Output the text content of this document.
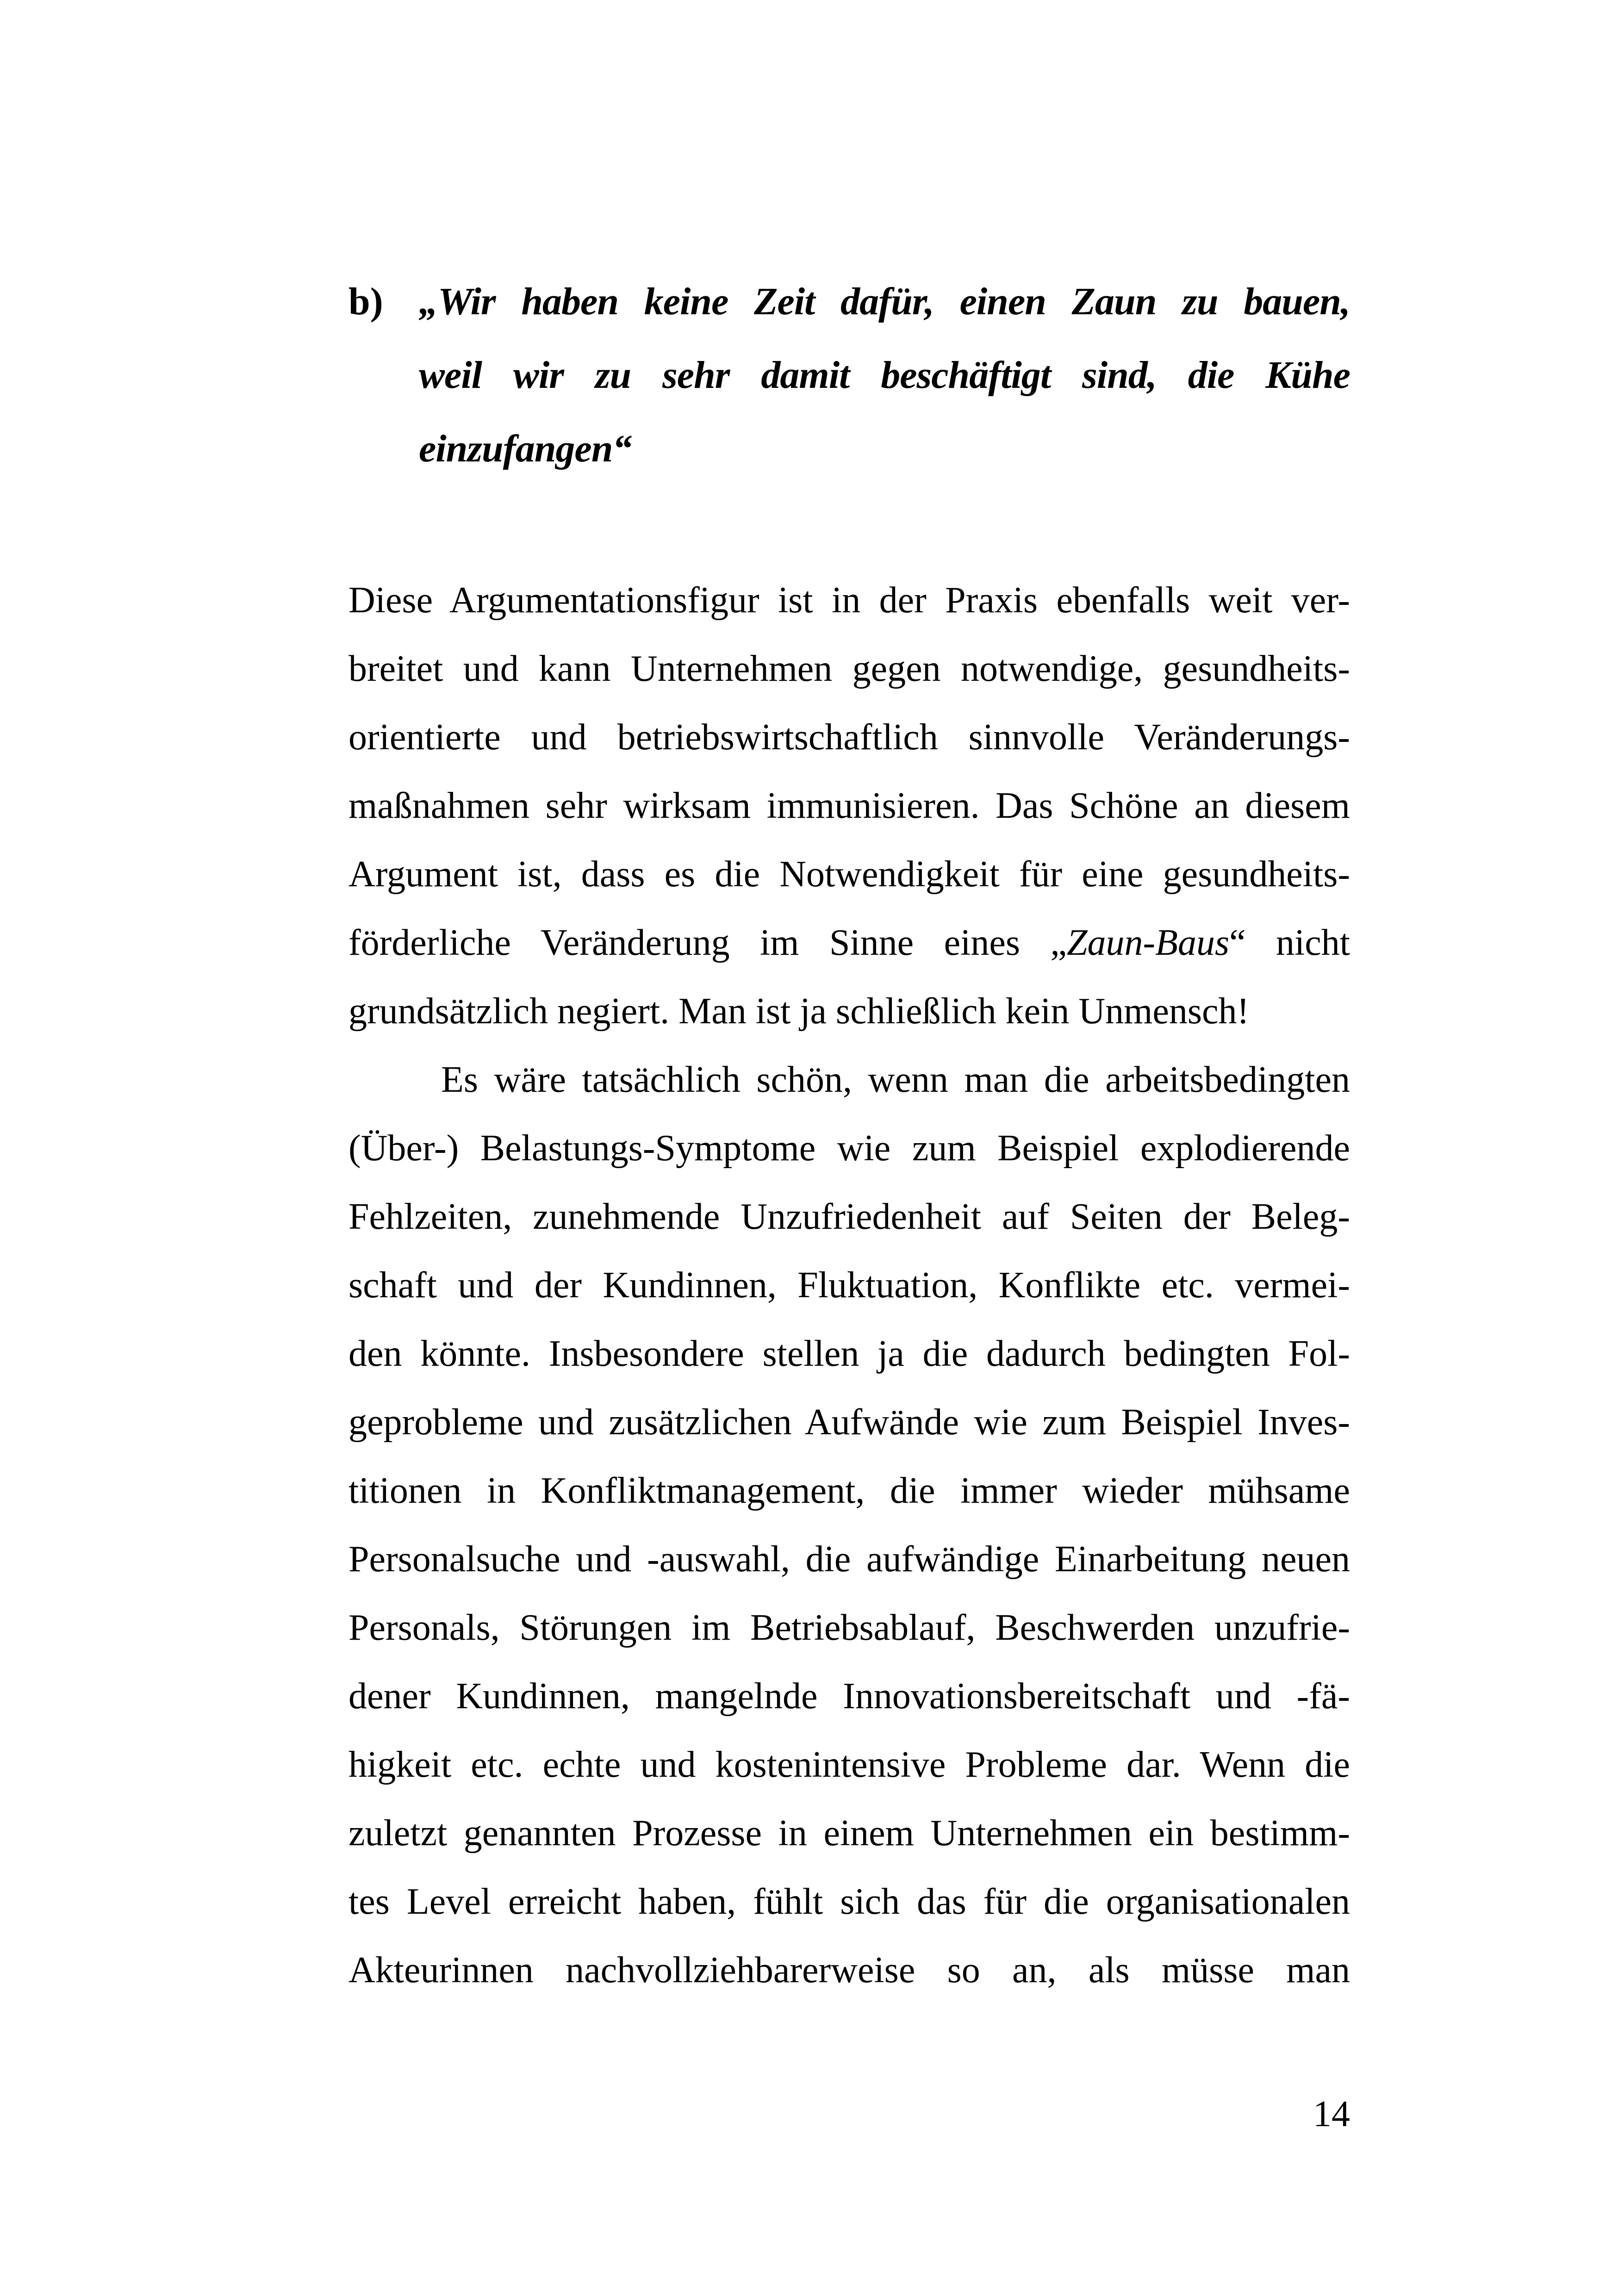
b) „Wir haben keine Zeit dafür, einen Zaun zu bauen,
weil wir zu sehr damit beschäftigt sind, die Kühe
einzufangen“
Diese Argumentationsfigur ist in der Praxis ebenfalls weit ver-
breitet und kann Unternehmen gegen notwendige, gesundheits-
orientierte und betriebswirtschaftlich sinnvolle Veränderungs-
maßnahmen sehr wirksam immunisieren. Das Schöne an diesem
Argument ist, dass es die Notwendigkeit für eine gesundheits-
förderliche Veränderung im Sinne eines „Zaun-Baus“ nicht
grundsätzlich negiert. Man ist ja schließlich kein Unmensch!
Es wäre tatsächlich schön, wenn man die arbeitsbedingten
(Über-) Belastungs-Symptome wie zum Beispiel explodierende
Fehlzeiten, zunehmende Unzufriedenheit auf Seiten der Beleg-
schaft und der Kundinnen, Fluktuation, Konflikte etc. vermei-
den könnte. Insbesondere stellen ja die dadurch bedingten Fol-
geprobleme und zusätzlichen Aufwände wie zum Beispiel Inves-
titionen in Konfliktmanagement, die immer wieder mühsame
Personalsuche und -auswahl, die aufwändige Einarbeitung neuen
Personals, Störungen im Betriebsablauf, Beschwerden unzufrie-
dener Kundinnen, mangelnde Innovationsbereitschaft und -fä-
higkeit etc. echte und kostenintensive Probleme dar. Wenn die
zuletzt genannten Prozesse in einem Unternehmen ein bestimm-
tes Level erreicht haben, fühlt sich das für die organisationalen
Akteurinnen nachvollziehbarerweise so an, als müsse man
14
